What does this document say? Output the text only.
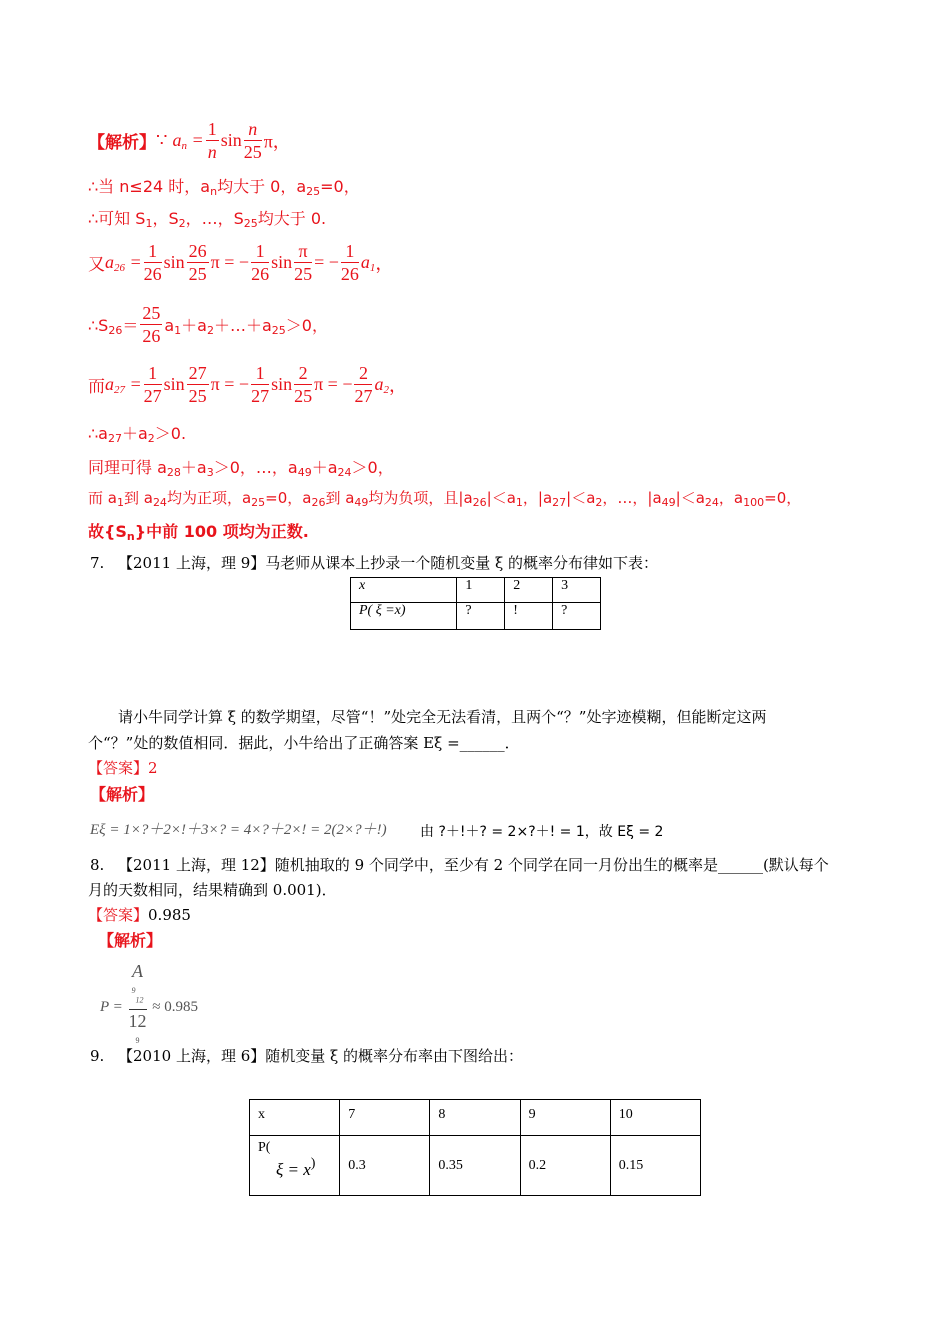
【解析】∵ $a_n = \frac{1}{n}$ $\sin \frac{n}{25}$ π，
∴当 n≤24 时，$a_n$均大于 0，$a_{25}=0$，
∴可知 $S_1$，$S_2$，…，$S_{25}$均大于 0.
又$a_{26} = \frac{1}{26}$ $\sin \frac{26}{25}$ π = − $\frac{1}{26}$ $\sin \frac{\pi}{25}$ = − $\frac{1}{26} a_1$，
$\therefore S_{26}= \frac{25}{26}$ $a_1+a_2+\dots+a_{25}>0$，
而$a_{27} = \frac{1}{27}$ $\sin \frac{27}{25}$ π = − $\frac{1}{27}$ $\sin \frac{2}{25}$ π = − $\frac{2}{27} a_2$，
$\therefore a_{27}+a_2>0$.
同理可得 $a_{28}+a_3>0$，…，$a_{49}+a_{24}>0$，
而 $a_1$到 $a_{24}$均为正项，$a_{25}=0$，$a_{26}$到 $a_{49}$均为负项，且$|a_{26}|<a_1$，$|a_{27}|<a_2$，…，$|a_{49}|<a_{24}$，$a_{100}=0$，
故$\{S_n\}$中前 100 项均为正数.
7. 【2011 上海，理 9】马老师从课本上抄录一个随机变量 ξ 的概率分布律如下表：
x	1	2	3
P( ξ =x)	?	!	?
请小牛同学计算 ξ 的数学期望，尽管“！”处完全无法看清，且两个“？”处字迹模糊，但能断定这两
个“？”处的数值相同．据此，小牛给出了正确答案 Eξ =______．
【答案】2
【解析】
Eξ = 1×?＋2×!＋3×? = 4×?＋2×! = 2(2×?＋!) 由 ?＋!＋? = 2×?＋! = 1，故 Eξ = 2
8. 【2011 上海，理 12】随机抽取的 9 个同学中，至少有 2 个同学在同一月份出生的概率是______(默认每个
月的天数相同，结果精确到 0.001)．
【答案】0.985
【解析】
P = A
$^9_{12}$
12
$^9$ ≈ 0.985
9. 【2010 上海，理 6】随机变量 ξ 的概率分布率由下图给出：
x	7	8	9	10
P(
ξ = x)	0.3	0.35	0.2	0.15
